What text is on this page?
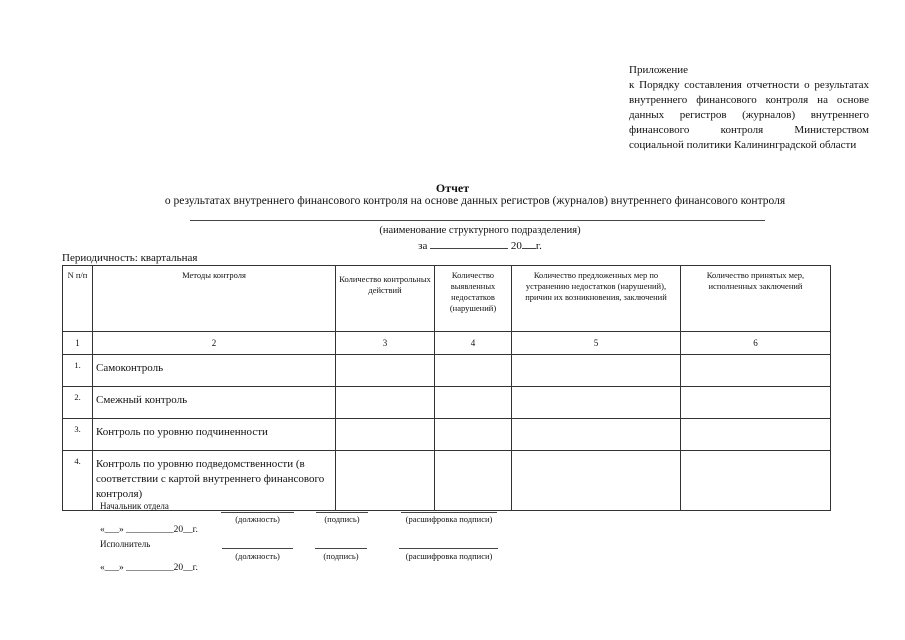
Приложение
к Порядку составления отчетности о результатах внутреннего финансового контроля на основе данных регистров (журналов) внутреннего финансового контроля Министерством социальной политики Калининградской области
Отчет
о результатах внутреннего финансового контроля на основе данных регистров (журналов) внутреннего финансового контроля
(наименование структурного подразделения)
за	20 г.
Периодичность: квартальная
N п/п	Методы контроля	Количество контрольных действий	Количество выявленных недостатков (нарушений)	Количество предложенных мер по устранению недостатков (нарушений), причин их возникновения, заключений	Количество принятых мер, исполненных заключений
1	2	3	4	5	6
1.	Самоконтроль				
2.	Смежный контроль				
3.	Контроль по уровню подчиненности				
4.	Контроль по уровню подведомственности (в соответствии с картой внутреннего финансового контроля)				
Начальник отдела
(должность)	(подпись)	(расшифровка подписи)
«___» __________20__г.
Исполнитель
(должность)	(подпись)	(расшифровка подписи)
«___» __________20__г.
